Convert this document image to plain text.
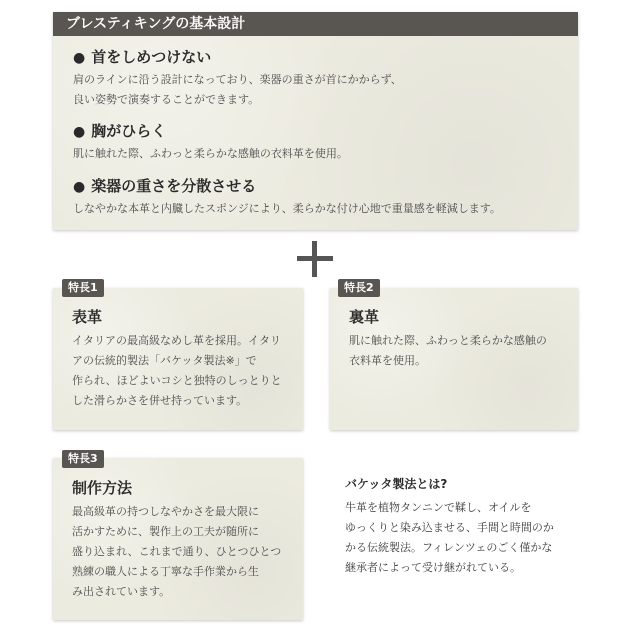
ブレスティキングの基本設計
● 首をしめつけない
肩のラインに沿う設計になっており、楽器の重さが首にかからず、
良い姿勢で演奏することができます。
● 胸がひらく
肌に触れた際、ふわっと柔らかな感触の衣料革を使用。
● 楽器の重さを分散させる
しなやかな本革と内臓したスポンジにより、柔らかな付け心地で重量感を軽減します。
特長1
表革
イタリアの最高級なめし革を採用。イタリ
アの伝統的製法「バケッタ製法※」で
作られ、ほどよいコシと独特のしっとりと
した滑らかさを併せ持っています。
特長2
裏革
肌に触れた際、ふわっと柔らかな感触の
衣料革を使用。
特長3
制作方法
最高級革の持つしなやかさを最大限に
活かすために、製作上の工夫が随所に
盛り込まれ、これまで通り、ひとつひとつ
熟練の職人による丁寧な手作業から生
み出されています。
バケッタ製法とは?
牛革を植物タンニンで鞣し、オイルを
ゆっくりと染み込ませる、手間と時間のか
かる伝統製法。フィレンツェのごく僅かな
継承者によって受け継がれている。
